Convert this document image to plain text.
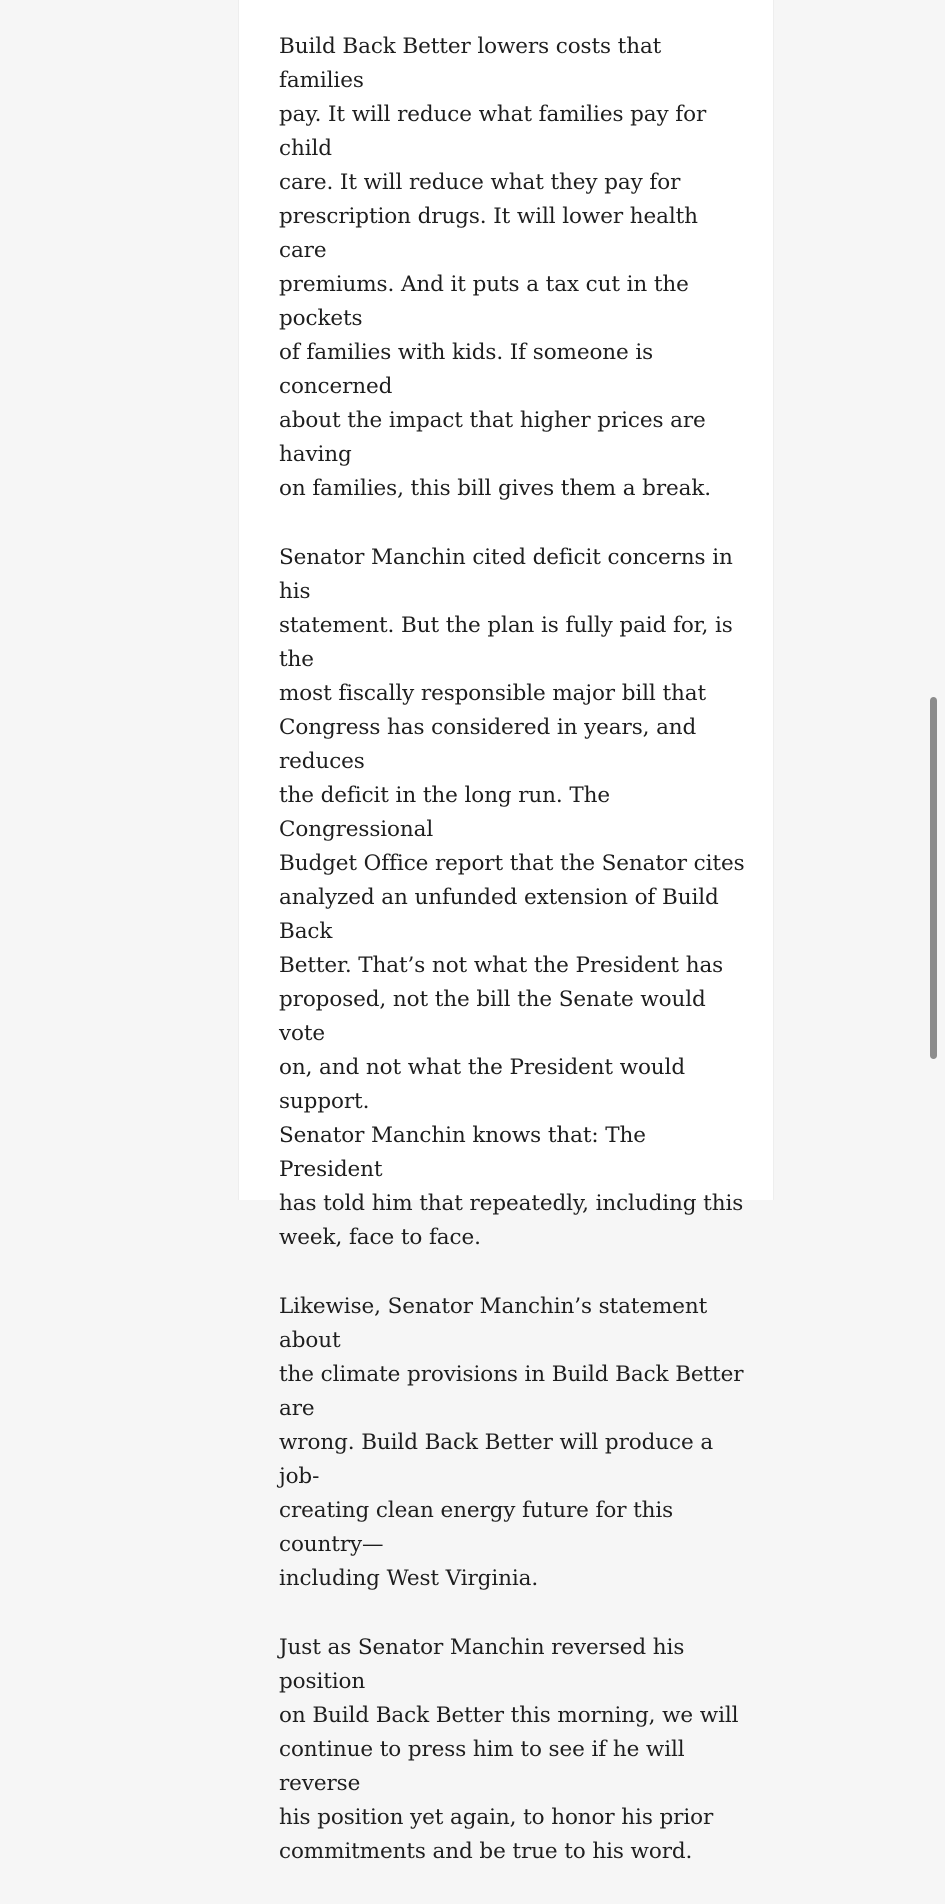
Build Back Better lowers costs that families
pay. It will reduce what families pay for child
care. It will reduce what they pay for
prescription drugs. It will lower health care
premiums. And it puts a tax cut in the pockets
of families with kids. If someone is concerned
about the impact that higher prices are having
on families, this bill gives them a break.

Senator Manchin cited deficit concerns in his
statement. But the plan is fully paid for, is the
most fiscally responsible major bill that
Congress has considered in years, and reduces
the deficit in the long run. The Congressional
Budget Office report that the Senator cites
analyzed an unfunded extension of Build Back
Better. That’s not what the President has
proposed, not the bill the Senate would vote
on, and not what the President would support.
Senator Manchin knows that: The President
has told him that repeatedly, including this
week, face to face.

Likewise, Senator Manchin’s statement about
the climate provisions in Build Back Better are
wrong. Build Back Better will produce a job-
creating clean energy future for this country—
including West Virginia.

Just as Senator Manchin reversed his position
on Build Back Better this morning, we will
continue to press him to see if he will reverse
his position yet again, to honor his prior
commitments and be true to his word.
